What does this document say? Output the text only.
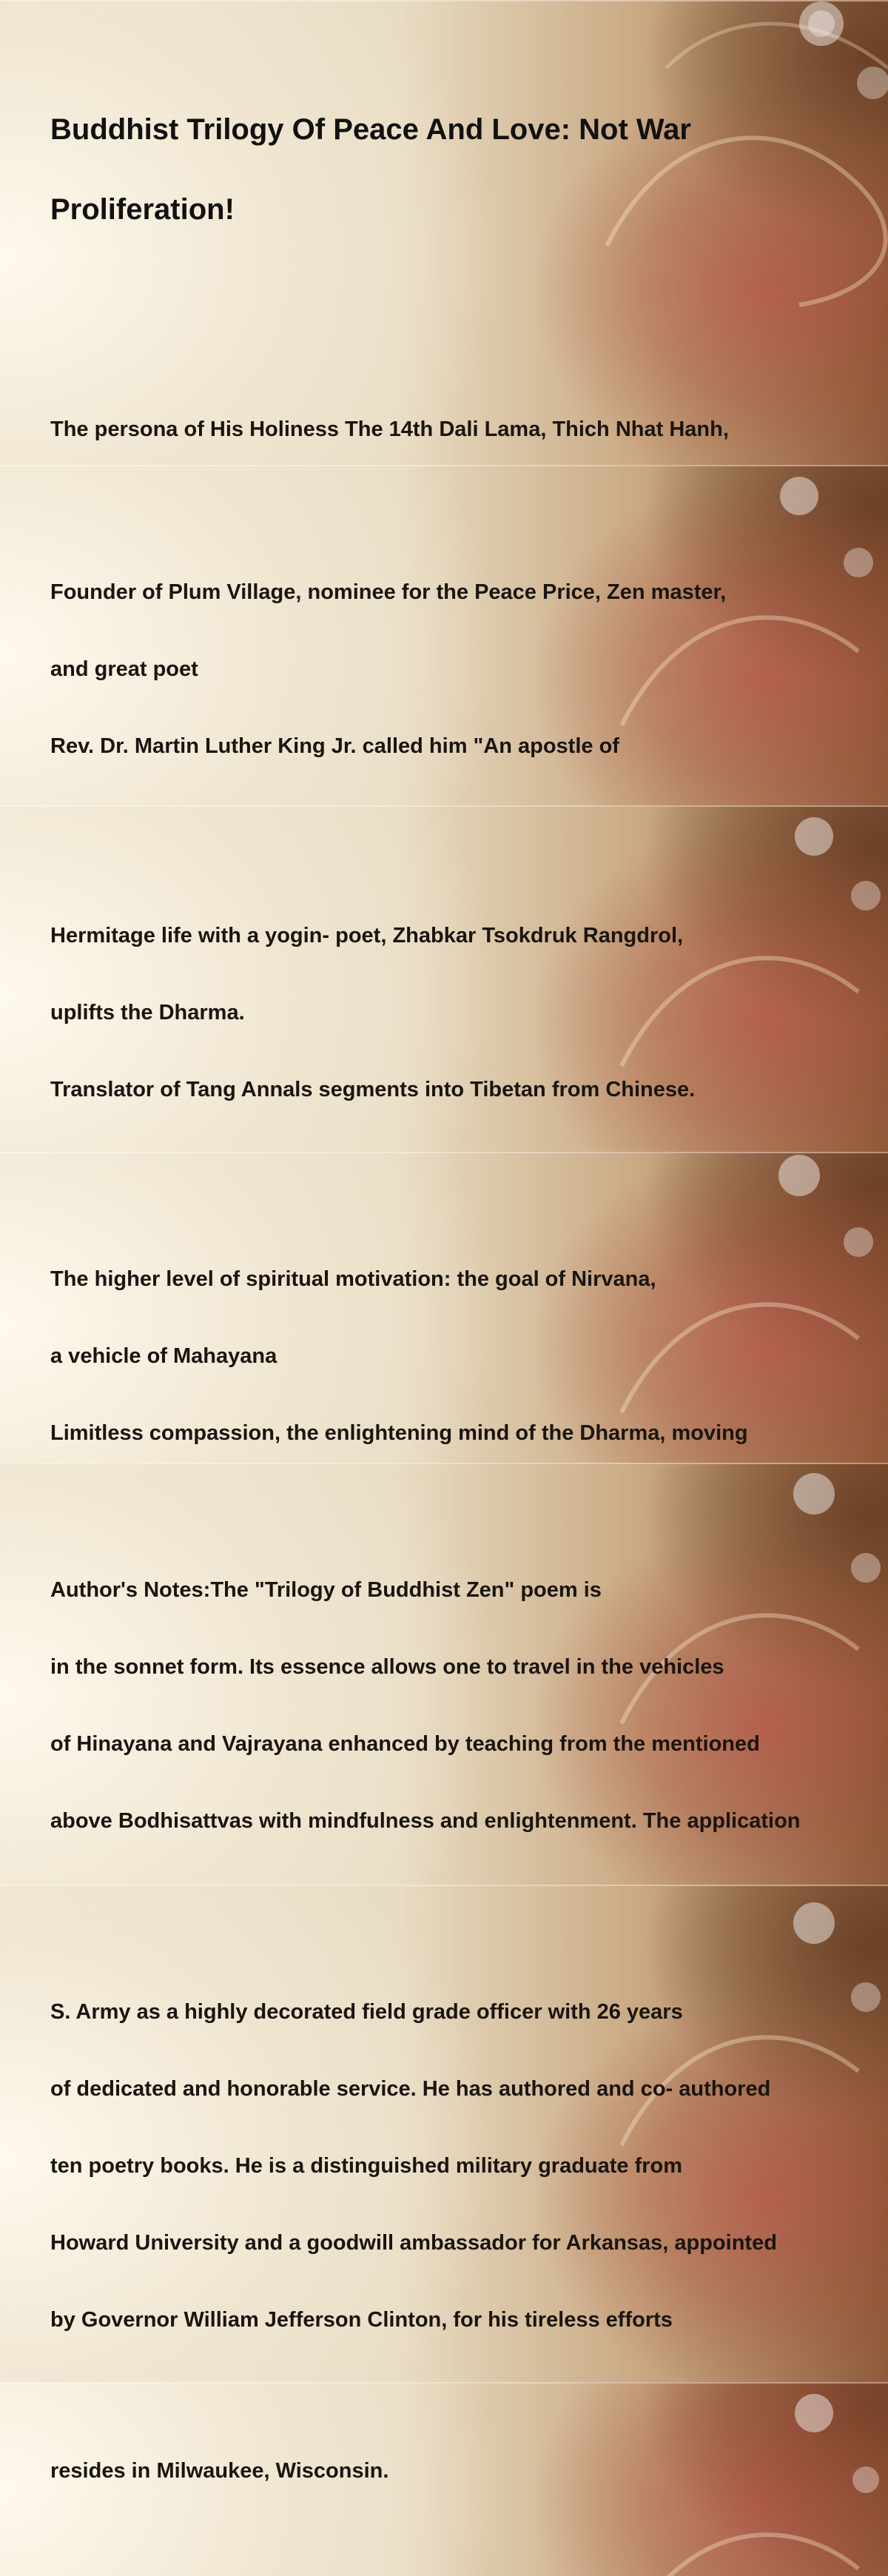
Buddhist Trilogy Of Peace And Love: Not War

Proliferation!

The persona of His Holiness The 14th Dali Lama, Thich Nhat Hanh,

Founder of Plum Village, nominee for the Peace Price, Zen master,

and great poet

Rev. Dr. Martin Luther King Jr. called him "An apostle of

Hermitage life with a yogin- poet, Zhabkar Tsokdruk Rangdrol,

uplifts the Dharma.

Translator of Tang Annals segments into Tibetan from Chinese.

The higher level of spiritual motivation: the goal of Nirvana,

a vehicle of Mahayana

Limitless compassion, the enlightening mind of the Dharma, moving

Author's Notes:The "Trilogy of Buddhist Zen" poem is

in the sonnet form. Its essence allows one to travel in the vehicles

of Hinayana and Vajrayana enhanced by teaching from the mentioned

above Bodhisattvas with mindfulness and enlightenment. The application

S. Army as a highly decorated field grade officer with 26 years

of dedicated and honorable service. He has authored and co- authored

ten poetry books. He is a distinguished military graduate from

Howard University and a goodwill ambassador for Arkansas, appointed

by Governor William Jefferson Clinton, for his tireless efforts

resides in Milwaukee, Wisconsin.
